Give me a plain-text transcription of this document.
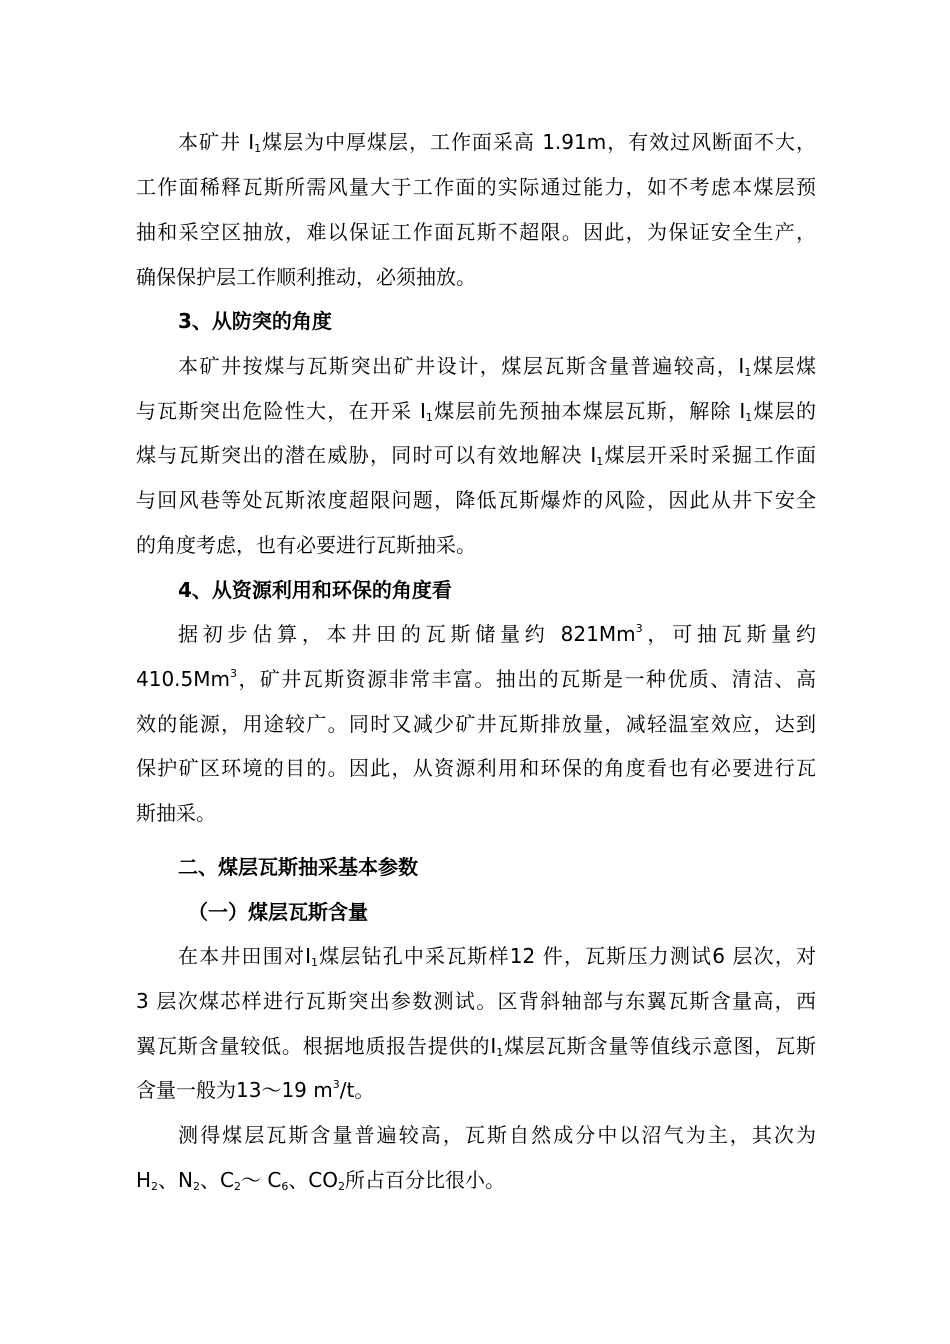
本矿井 $I_1$煤层为中厚煤层，工作面采高 1.91m，有效过风断面不大，
工作面稀释瓦斯所需风量大于工作面的实际通过能力，如不考虑本煤层预
抽和采空区抽放，难以保证工作面瓦斯不超限。因此，为保证安全生产，
确保保护层工作顺利推动，必须抽放。
3、从防突的角度
本矿井按煤与瓦斯突出矿井设计，煤层瓦斯含量普遍较高，$I_1$煤层煤
与瓦斯突出危险性大，在开采 $I_1$煤层前先预抽本煤层瓦斯，解除 $I_1$煤层的
煤与瓦斯突出的潜在威胁，同时可以有效地解决 $I_1$煤层开采时采掘工作面
与回风巷等处瓦斯浓度超限问题，降低瓦斯爆炸的风险，因此从井下安全
的角度考虑，也有必要进行瓦斯抽采。
4、从资源利用和环保的角度看
据初步估算，本井田的瓦斯储量约 821Mm$^3$，可抽瓦斯量约
410.5Mm$^3$，矿井瓦斯资源非常丰富。抽出的瓦斯是一种优质、清洁、高
效的能源，用途较广。同时又减少矿井瓦斯排放量，减轻温室效应，达到
保护矿区环境的目的。因此，从资源利用和环保的角度看也有必要进行瓦
斯抽采。
二、煤层瓦斯抽采基本参数
（一）煤层瓦斯含量
在本井田围对$I_1$煤层钻孔中采瓦斯样12 件，瓦斯压力测试6 层次，对
3 层次煤芯样进行瓦斯突出参数测试。区背斜轴部与东翼瓦斯含量高，西
翼瓦斯含量较低。根据地质报告提供的$I_1$煤层瓦斯含量等值线示意图，瓦斯
含量一般为13～19 $m^3/t$。
测得煤层瓦斯含量普遍较高，瓦斯自然成分中以沼气为主，其次为
$H_2$、$N_2$、$C_2\sim$ $C_6$、$CO_2$所占百分比很小。
